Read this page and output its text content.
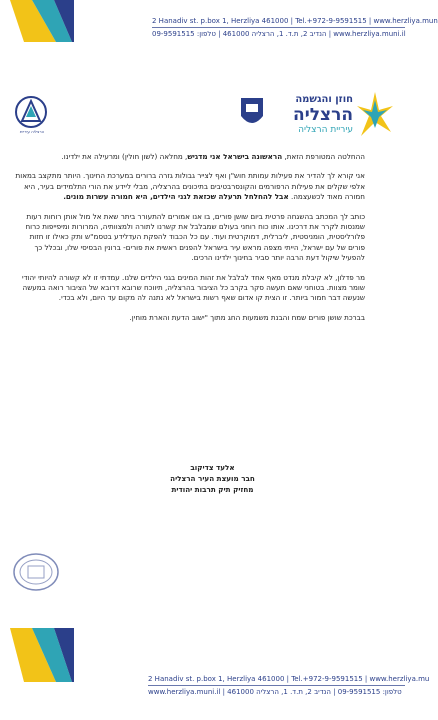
2 Hanadiv st. p.box 1, Herzliya 461000 | Tel.+972-9-9591515 | www.herzliya.mun
הנדיב 2, ת.ד. 1, הרצליה 461000 | טלפון: 09-9591515 | www.herzliya.muni.il
הרצליה עיריית
חוזן והגשמה
הרצליה
עיריית הרצליה

ההחלטה המטורפת הזאת, הראשונה בישראל אני מדגיש, מחלאה (לשון חולין) ומרעילה את ילדינו.

אני קורא לך להדיר את פעילות עמותת חוש"ן ואף לצייר גבולות גזרה ברורים במערכת החינוך. היותר מתקצב במאות אלפי שקלים את פעילות הרפורמים והקונסרבטיבים בתיכונים בהרצליה, מבלי ליידע את הורי התלמידים בעיר, היא חמורה מאוד לכשעצמה. אבל להחלחל תרעלה שכזאת לגני הילדים, היא חמורה עשרות מונים.

כותב לך המכתב בהשגחה פרטית ביום שושן פורים, בו אנו אמורים להתעורר ביתר שאת אל מול אותן רוחות רעות שמנסות לקרר את דרכינו. אותו כוח רוחני בעולם שמבלבל את קשרנו לתורה ולמצוותיה, המרורות ומיפייפות כרוח פלורליסטית, הומניסטית, ליברלית, דמוקרטית ועוד. עם כל הכבוד להפקת העדלידע בטסמ"ש ותק כאילו זו חזות פורים של עם ישראל, הייתי מצפה מראש עיר בישראל להפנים ראשית את פורים- ברונין הבסיסי שלו, ובכלל כך להפעיל שיקול דעת הרבה יותר סביר בחינוך ילדינו הרכים.

מר פדלון, לא קיבלת מנדט מאף אחד לבלבל את זהות המינים בגני הילדים שלנו. עמדתי זו לא קשורה להיותי יהודי שומר מצוות. בטוחני שאם תעשה סקר בקרב כל הציבור בהרצליה, תיווכח שרובא דרובא של הציבור רואה במעשה שנעשה דבר חמור ביותר. זו הצית קו אדום שאף רשות בישראל לא נתנה לה מקום עד היום, ולא בכדי.

בברכת שושן פורים שמח והבנת משמעות החג מתוך "ישוב הדעת והארת מוחין.

אלעד צדיקוב
חבר מועצת העיר הרצליה
מחזיק תיק תרבות יהודית
2 Hanadiv st. p.box 1, Herzliya 461000 | Tel.+972-9-9591515 | www.herzliya.mu
www.herzliya.muni.il | טלפון: 09-9591515 | הנדיב 2, ת.ד. 1, הרצליה 461000
